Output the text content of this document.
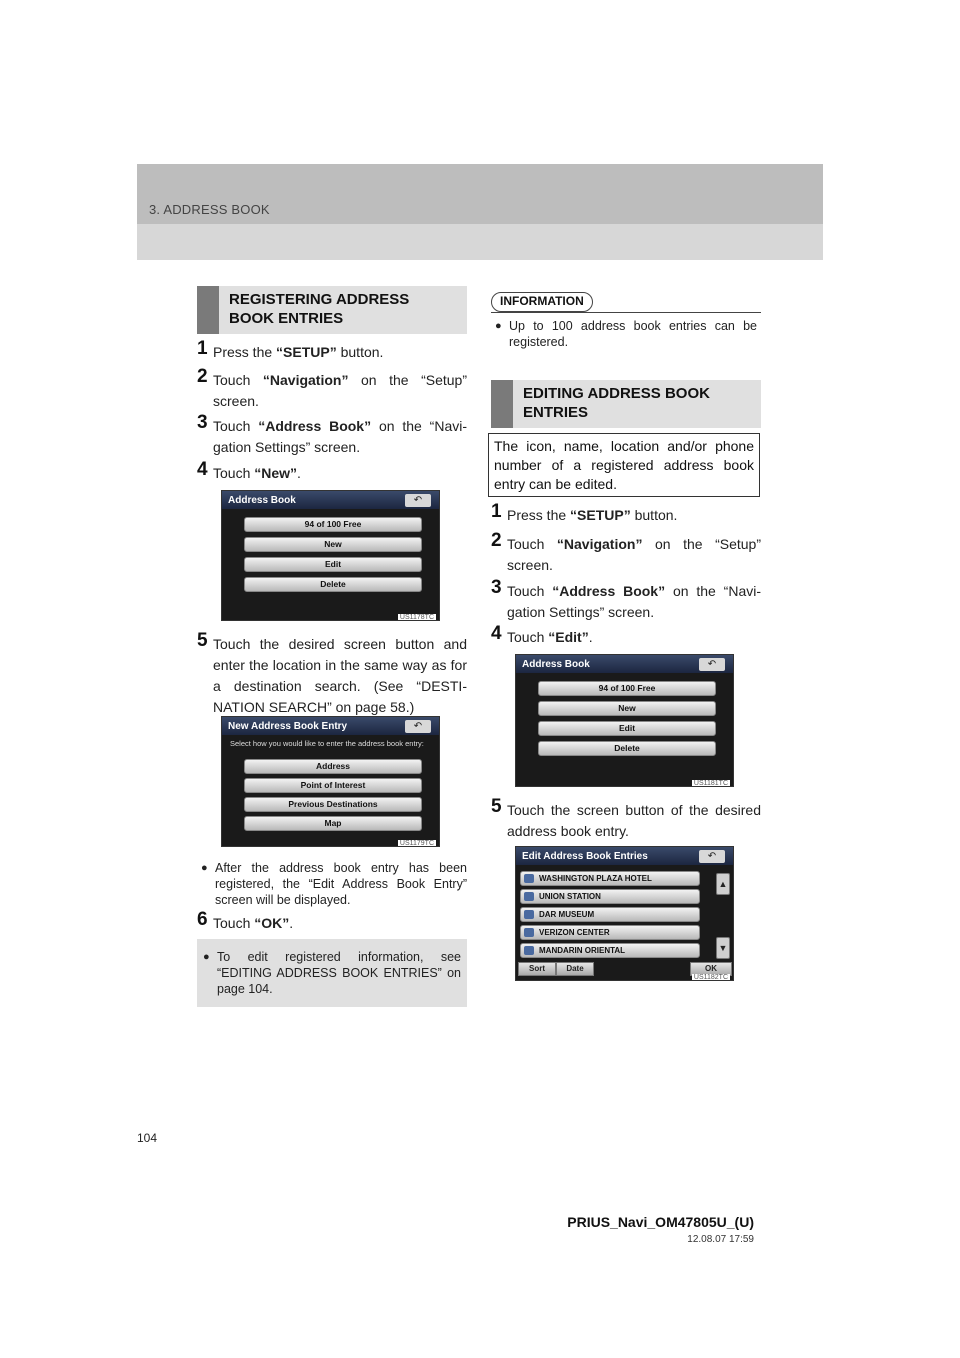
3. ADDRESS BOOK
REGISTERING ADDRESS BOOK ENTRIES
1 Press the “SETUP” button.
2 Touch “Navigation” on the “Setup” screen.
3 Touch “Address Book” on the “Navi-gation Settings” screen.
4 Touch “New”.
Address Book	↶
94 of 100 Free
New
Edit
Delete
US1178TC
5 Touch the desired screen button and enter the location in the same way as for a destination search. (See “DESTI-NATION SEARCH” on page 58.)
New Address Book Entry	↶
Select how you would like to enter the address book entry:
Address
Point of Interest
Previous Destinations
Map
US1179TC
● After the address book entry has been registered, the “Edit Address Book Entry” screen will be displayed.
6 Touch “OK”.
● To edit registered information, see “EDITING ADDRESS BOOK ENTRIES” on page 104.
INFORMATION
● Up to 100 address book entries can be registered.
EDITING ADDRESS BOOK ENTRIES
The icon, name, location and/or phone number of a registered address book entry can be edited.
1 Press the “SETUP” button.
2 Touch “Navigation” on the “Setup” screen.
3 Touch “Address Book” on the “Navi-gation Settings” screen.
4 Touch “Edit”.
Address Book	↶
94 of 100 Free
New
Edit
Delete
US1181TC
5 Touch the screen button of the desired address book entry.
Edit Address Book Entries	↶
WASHINGTON PLAZA HOTEL
UNION STATION
DAR MUSEUM
VERIZON CENTER
MANDARIN ORIENTAL
▲
▼
Sort	Date	OK
US1182TC
104
PRIUS_Navi_OM47805U_(U)
12.08.07 17:59
